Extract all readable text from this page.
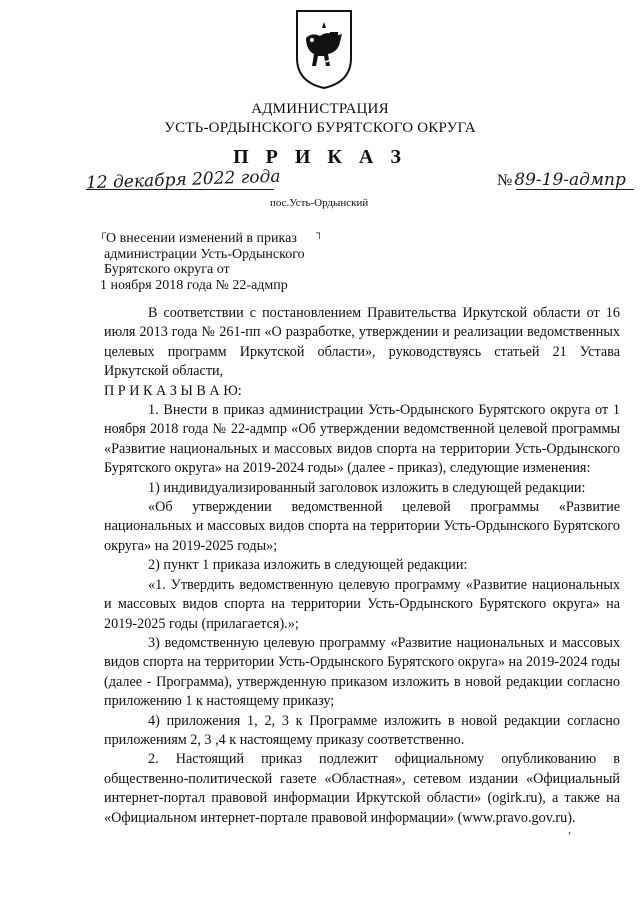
АДМИНИСТРАЦИЯ
УСТЬ-ОРДЫНСКОГО БУРЯТСКОГО ОКРУГА
П Р И К А З
12 декабря 2022 года	№ 89-19-адмпр
пос.Усть-Ордынский
┌	┐
О внесении изменений в приказ
администрации Усть-Ордынского
Бурятского округа от
1 ноября 2018 года № 22-адмпр

В соответствии с постановлением Правительства Иркутской области от 16 июля 2013 года № 261-пп «О разработке, утверждении и реализации ведомственных целевых программ Иркутской области», руководствуясь статьей 21 Устава Иркутской области,

П Р И К А З Ы В А Ю:

1. Внести в приказ администрации Усть-Ордынского Бурятского округа от 1 ноября 2018 года № 22-адмпр «Об утверждении ведомственной целевой программы «Развитие национальных и массовых видов спорта на территории Усть-Ордынского Бурятского округа» на 2019-2024 годы» (далее - приказ), следующие изменения:

1) индивидуализированный заголовок изложить в следующей редакции:

«Об утверждении ведомственной целевой программы «Развитие национальных и массовых видов спорта на территории Усть-Ордынского Бурятского округа» на 2019-2025 годы»;

2) пункт 1 приказа изложить в следующей редакции:

«1. Утвердить ведомственную целевую программу «Развитие национальных и массовых видов спорта на территории Усть-Ордынского Бурятского округа» на 2019-2025 годы (прилагается).»;

3) ведомственную целевую программу «Развитие национальных и массовых видов спорта на территории Усть-Ордынского Бурятского округа» на 2019-2024 годы (далее - Программа), утвержденную приказом изложить в новой редакции согласно приложению 1 к настоящему приказу;

4) приложения 1, 2, 3 к Программе изложить в новой редакции согласно приложениям 2, 3 ,4 к настоящему приказу соответственно.

2. Настоящий приказ подлежит официальному опубликованию в общественно-политической газете «Областная», сетевом издании «Официальный интернет-портал правовой информации Иркутской области» (ogirk.ru), а также на «Официальном интернет-портале правовой информации» (www.pravo.gov.ru).

,
